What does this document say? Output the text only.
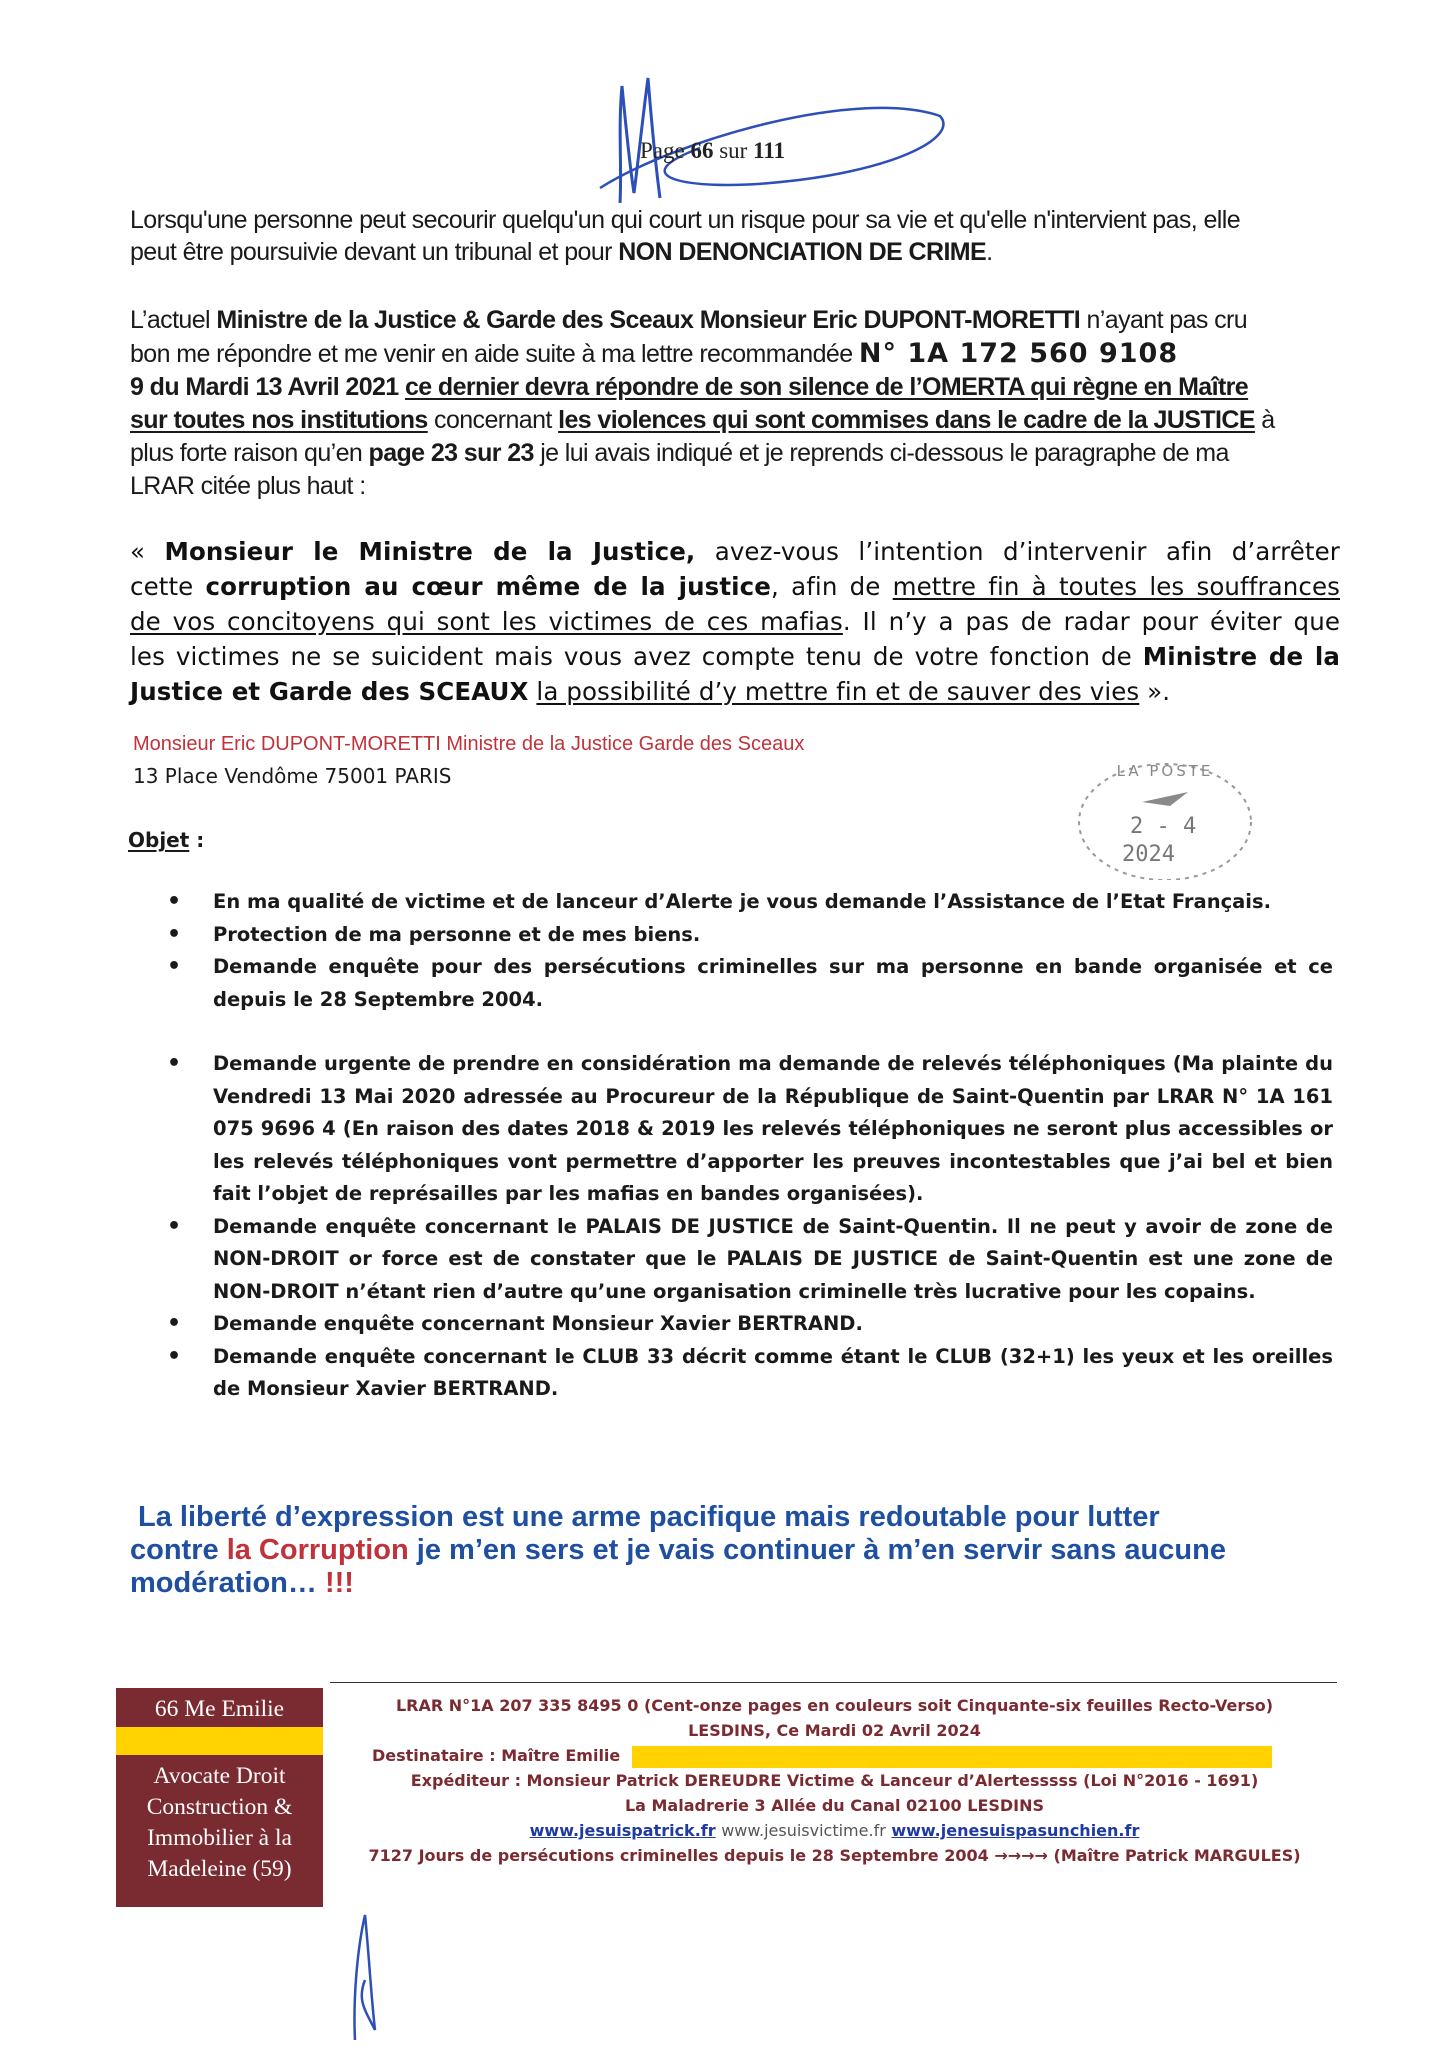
Page 66 sur 111
Lorsqu'une personne peut secourir quelqu'un qui court un risque pour sa vie et qu'elle n'intervient pas, elle
peut être poursuivie devant un tribunal et pour NON DENONCIATION DE CRIME.
L’actuel Ministre de la Justice & Garde des Sceaux Monsieur Eric DUPONT-MORETTI n’ayant pas cru
bon me répondre et me venir en aide suite à ma lettre recommandée N° 1A 172 560 9108
9 du Mardi 13 Avril 2021 ce dernier devra répondre de son silence de l’OMERTA qui règne en Maître
sur toutes nos institutions concernant les violences qui sont commises dans le cadre de la JUSTICE à
plus forte raison qu’en page 23 sur 23 je lui avais indiqué et je reprends ci-dessous le paragraphe de ma
LRAR citée plus haut :
« Monsieur le Ministre de la Justice, avez-vous l’intention d’intervenir afin d’arrêter
cette corruption au cœur même de la justice, afin de mettre fin à toutes les souffrances
de vos concitoyens qui sont les victimes de ces mafias. Il n’y a pas de radar pour éviter que
les victimes ne se suicident mais vous avez compte tenu de votre fonction de Ministre de la
Justice et Garde des SCEAUX la possibilité d’y mettre fin et de sauver des vies ».
Monsieur Eric DUPONT-MORETTI Ministre de la Justice Garde des Sceaux
13 Place Vendôme 75001 PARIS	LA POSTE
2 - 4
2024
Objet :
• En ma qualité de victime et de lanceur d’Alerte je vous demande l’Assistance de l’Etat Français.
• Protection de ma personne et de mes biens.
• Demande enquête pour des persécutions criminelles sur ma personne en bande organisée et ce depuis le 28 Septembre 2004.
• Demande urgente de prendre en considération ma demande de relevés téléphoniques (Ma plainte du Vendredi 13 Mai 2020 adressée au Procureur de la République de Saint-Quentin par LRAR N° 1A 161 075 9696 4 (En raison des dates 2018 & 2019 les relevés téléphoniques ne seront plus accessibles or les relevés téléphoniques vont permettre d’apporter les preuves incontestables que j’ai bel et bien fait l’objet de représailles par les mafias en bandes organisées).
• Demande enquête concernant le PALAIS DE JUSTICE de Saint-Quentin. Il ne peut y avoir de zone de NON-DROIT or force est de constater que le PALAIS DE JUSTICE de Saint-Quentin est une zone de NON-DROIT n’étant rien d’autre qu’une organisation criminelle très lucrative pour les copains.
• Demande enquête concernant Monsieur Xavier BERTRAND.
• Demande enquête concernant le CLUB 33 décrit comme étant le CLUB (32+1) les yeux et les oreilles de Monsieur Xavier BERTRAND.
La liberté d’expression est une arme pacifique mais redoutable pour lutter
contre la Corruption je m’en sers et je vais continuer à m’en servir sans aucune
modération… !!!
66 Me Emilie
Avocate Droit
Construction &
Immobilier à la
Madeleine (59)
LRAR N°1A 207 335 8495 0 (Cent-onze pages en couleurs soit Cinquante-six feuilles Recto-Verso)
LESDINS, Ce Mardi 02 Avril 2024
Destinataire : Maître Emilie
Expéditeur : Monsieur Patrick DEREUDRE Victime & Lanceur d’Alertesssss (Loi N°2016 - 1691)
La Maladrerie 3 Allée du Canal 02100 LESDINS
www.jesuispatrick.fr www.jesuisvictime.fr www.jenesuispasunchien.fr
7127 Jours de persécutions criminelles depuis le 28 Septembre 2004 →→→→ (Maître Patrick MARGULES)
